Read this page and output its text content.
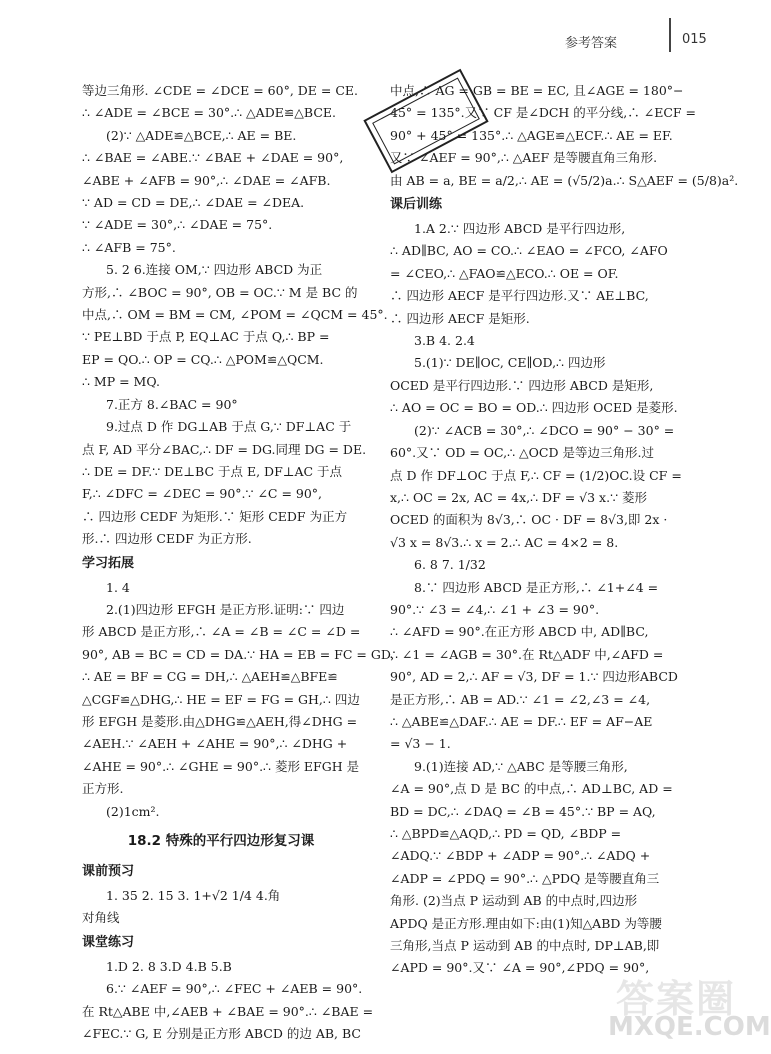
参考答案	015

等边三角形. ∠CDE = ∠DCE = 60°, DE = CE.

∴ ∠ADE = ∠BCE = 30°.∴ △ADE≌△BCE.

(2)∵ △ADE≌△BCE,∴ AE = BE.

∴ ∠BAE = ∠ABE.∵ ∠BAE + ∠DAE = 90°,

∠ABE + ∠AFB = 90°,∴ ∠DAE = ∠AFB.

∵ AD = CD = DE,∴ ∠DAE = ∠DEA.

∵ ∠ADE = 30°,∴ ∠DAE = 75°.

∴ ∠AFB = 75°.

5. 2 6.连接 OM,∵ 四边形 ABCD 为正

方形,∴ ∠BOC = 90°, OB = OC.∵ M 是 BC 的

中点,∴ OM = BM = CM, ∠POM = ∠QCM = 45°.

∵ PE⊥BD 于点 P, EQ⊥AC 于点 Q,∴ BP =

EP = QO.∴ OP = CQ.∴ △POM≌△QCM.

∴ MP = MQ.

7.正方 8.∠BAC = 90°

9.过点 D 作 DG⊥AB 于点 G,∵ DF⊥AC 于

点 F, AD 平分∠BAC,∴ DF = DG.同理 DG = DE.

∴ DE = DF.∵ DE⊥BC 于点 E, DF⊥AC 于点

F,∴ ∠DFC = ∠DEC = 90°.∵ ∠C = 90°,

∴ 四边形 CEDF 为矩形.∵ 矩形 CEDF 为正方

形.∴ 四边形 CEDF 为正方形.

学习拓展

1. 4

2.(1)四边形 EFGH 是正方形.证明:∵ 四边

形 ABCD 是正方形,∴ ∠A = ∠B = ∠C = ∠D =

90°, AB = BC = CD = DA.∵ HA = EB = FC = GD,

∴ AE = BF = CG = DH,∴ △AEH≌△BFE≌

△CGF≌△DHG,∴ HE = EF = FG = GH,∴ 四边

形 EFGH 是菱形.由△DHG≌△AEH,得∠DHG =

∠AEH.∵ ∠AEH + ∠AHE = 90°,∴ ∠DHG +

∠AHE = 90°.∴ ∠GHE = 90°.∴ 菱形 EFGH 是

正方形.

(2)1cm².

18.2 特殊的平行四边形复习课

课前预习

1. 35 2. 15 3. 1+√2 1/4 4.角

对角线

课堂练习

1.D 2. 8 3.D 4.B 5.B

6.∵ ∠AEF = 90°,∴ ∠FEC + ∠AEB = 90°.

在 Rt△ABE 中,∠AEB + ∠BAE = 90°.∴ ∠BAE =

∠FEC.∵ G, E 分别是正方形 ABCD 的边 AB, BC

中点,∴ AG = GB = BE = EC, 且∠AGE = 180°−

45° = 135°.又∵ CF 是∠DCH 的平分线,∴ ∠ECF =

90° + 45° = 135°.∴ △AGE≌△ECF.∴ AE = EF.

又∵ ∠AEF = 90°,∴ △AEF 是等腰直角三角形.

由 AB = a, BE = a/2,∴ AE = (√5/2)a.∴ S△AEF = (5/8)a².

课后训练

1.A 2.∵ 四边形 ABCD 是平行四边形,

∴ AD∥BC, AO = CO.∴ ∠EAO = ∠FCO, ∠AFO

= ∠CEO,∴ △FAO≌△ECO.∴ OE = OF.

∴ 四边形 AECF 是平行四边形.又∵ AE⊥BC,

∴ 四边形 AECF 是矩形.

3.B 4. 2.4

5.(1)∵ DE∥OC, CE∥OD,∴ 四边形

OCED 是平行四边形.∵ 四边形 ABCD 是矩形,

∴ AO = OC = BO = OD.∴ 四边形 OCED 是菱形.

(2)∵ ∠ACB = 30°,∴ ∠DCO = 90° − 30° =

60°.又∵ OD = OC,∴ △OCD 是等边三角形.过

点 D 作 DF⊥OC 于点 F,∴ CF = (1/2)OC.设 CF =

x,∴ OC = 2x, AC = 4x,∴ DF = √3 x.∵ 菱形

OCED 的面积为 8√3,∴ OC · DF = 8√3,即 2x ·

√3 x = 8√3.∴ x = 2.∴ AC = 4×2 = 8.

6. 8 7. 1/32

8.∵ 四边形 ABCD 是正方形,∴ ∠1+∠4 =

90°.∵ ∠3 = ∠4,∴ ∠1 + ∠3 = 90°.

∴ ∠AFD = 90°.在正方形 ABCD 中, AD∥BC,

∴ ∠1 = ∠AGB = 30°.在 Rt△ADF 中,∠AFD =

90°, AD = 2,∴ AF = √3, DF = 1.∵ 四边形ABCD

是正方形,∴ AB = AD.∵ ∠1 = ∠2,∠3 = ∠4,

∴ △ABE≌△DAF.∴ AE = DF.∴ EF = AF−AE

= √3 − 1.

9.(1)连接 AD,∵ △ABC 是等腰三角形,

∠A = 90°,点 D 是 BC 的中点,∴ AD⊥BC, AD =

BD = DC,∴ ∠DAQ = ∠B = 45°.∵ BP = AQ,

∴ △BPD≌△AQD,∴ PD = QD, ∠BDP =

∠ADQ.∵ ∠BDP + ∠ADP = 90°.∴ ∠ADQ +

∠ADP = ∠PDQ = 90°.∴ △PDQ 是等腰直角三

角形. (2)当点 P 运动到 AB 的中点时,四边形

APDQ 是正方形.理由如下:由(1)知△ABD 为等腰

三角形,当点 P 运动到 AB 的中点时, DP⊥AB,即

∠APD = 90°.又∵ ∠A = 90°,∠PDQ = 90°,

答案圈
MXQE.COM
